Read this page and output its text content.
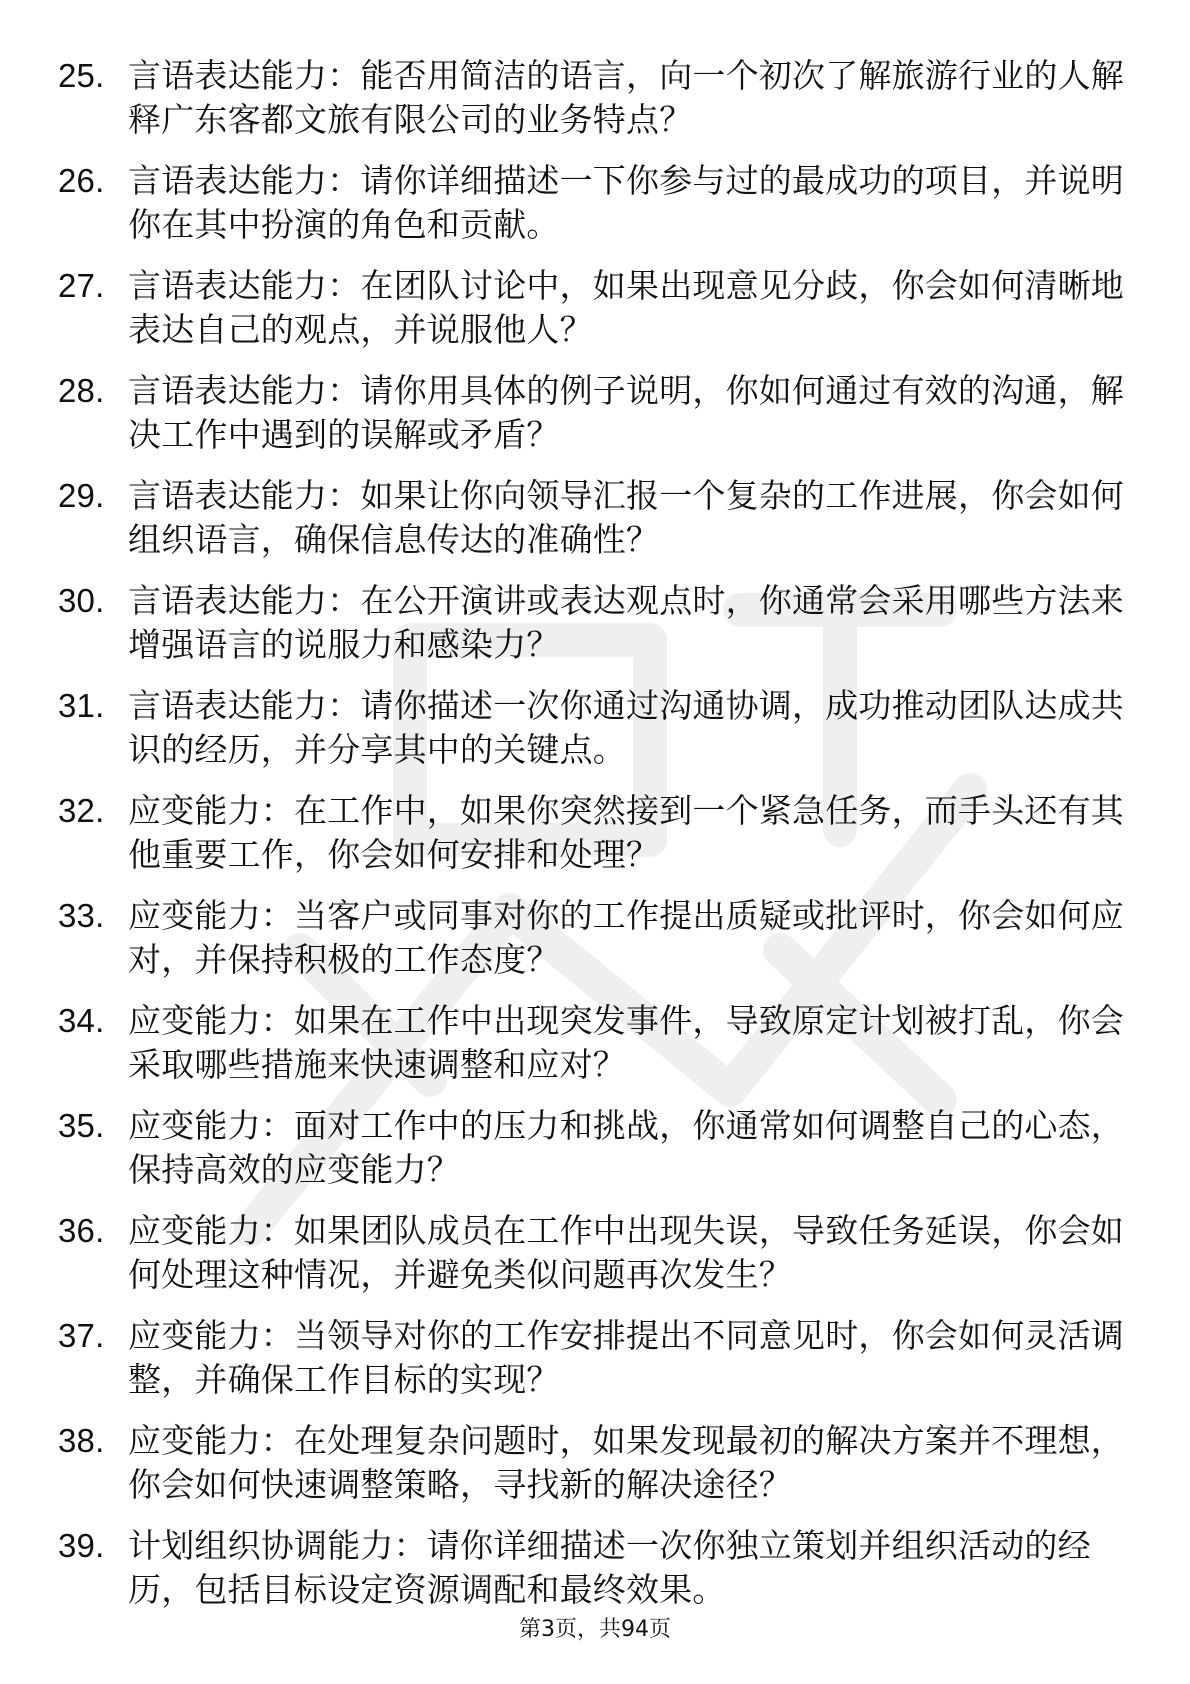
25. 言语表达能力：能否用简洁的语言，向一个初次了解旅游行业的人解释广东客都文旅有限公司的业务特点？
26. 言语表达能力：请你详细描述一下你参与过的最成功的项目，并说明你在其中扮演的角色和贡献。
27. 言语表达能力：在团队讨论中，如果出现意见分歧，你会如何清晰地表达自己的观点，并说服他人？
28. 言语表达能力：请你用具体的例子说明，你如何通过有效的沟通，解决工作中遇到的误解或矛盾？
29. 言语表达能力：如果让你向领导汇报一个复杂的工作进展，你会如何组织语言，确保信息传达的准确性？
30. 言语表达能力：在公开演讲或表达观点时，你通常会采用哪些方法来增强语言的说服力和感染力？
31. 言语表达能力：请你描述一次你通过沟通协调，成功推动团队达成共识的经历，并分享其中的关键点。
32. 应变能力：在工作中，如果你突然接到一个紧急任务，而手头还有其他重要工作，你会如何安排和处理？
33. 应变能力：当客户或同事对你的工作提出质疑或批评时，你会如何应对，并保持积极的工作态度？
34. 应变能力：如果在工作中出现突发事件，导致原定计划被打乱，你会采取哪些措施来快速调整和应对？
35. 应变能力：面对工作中的压力和挑战，你通常如何调整自己的心态，保持高效的应变能力？
36. 应变能力：如果团队成员在工作中出现失误，导致任务延误，你会如何处理这种情况，并避免类似问题再次发生？
37. 应变能力：当领导对你的工作安排提出不同意见时，你会如何灵活调整，并确保工作目标的实现？
38. 应变能力：在处理复杂问题时，如果发现最初的解决方案并不理想，你会如何快速调整策略，寻找新的解决途径？
39. 计划组织协调能力：请你详细描述一次你独立策划并组织活动的经历，包括目标设定资源调配和最终效果。
第3页，共94页
